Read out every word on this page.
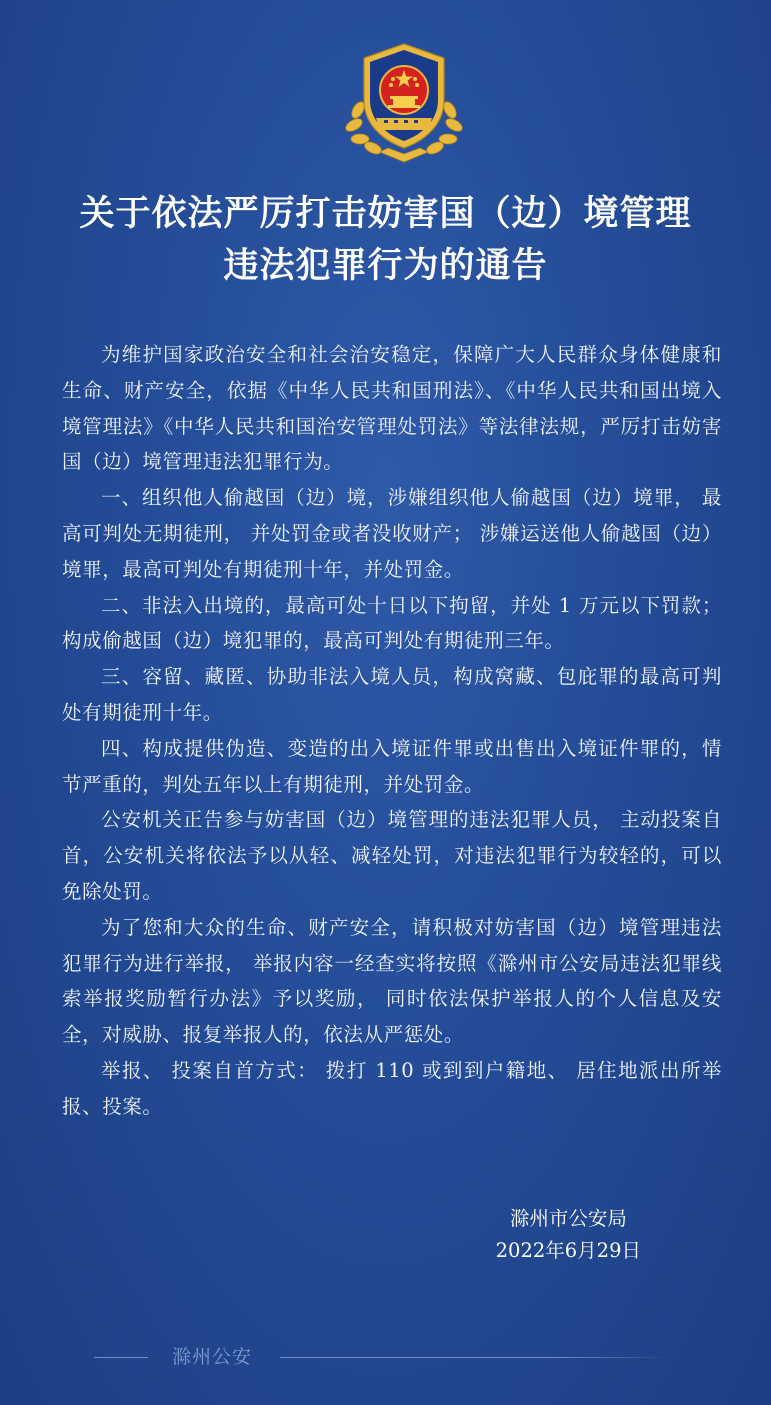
关于依法严厉打击妨害国（边）境管理
违法犯罪行为的通告

为维护国家政治安全和社会治安稳定，保障广大人民群众身体健康和生命、财产安全，依据《中华人民共和国刑法》、《中华人民共和国出境入境管理法》《中华人民共和国治安管理处罚法》等法律法规，严厉打击妨害国（边）境管理违法犯罪行为。

一、组织他人偷越国（边）境，涉嫌组织他人偷越国（边）境罪， 最高可判处无期徒刑， 并处罚金或者没收财产； 涉嫌运送他人偷越国（边）境罪，最高可判处有期徒刑十年，并处罚金。

二、非法入出境的，最高可处十日以下拘留，并处 1 万元以下罚款； 构成偷越国（边）境犯罪的，最高可判处有期徒刑三年。

三、容留、藏匿、协助非法入境人员，构成窝藏、包庇罪的最高可判处有期徒刑十年。

四、构成提供伪造、变造的出入境证件罪或出售出入境证件罪的，情节严重的，判处五年以上有期徒刑，并处罚金。

公安机关正告参与妨害国（边）境管理的违法犯罪人员， 主动投案自首，公安机关将依法予以从轻、减轻处罚，对违法犯罪行为较轻的，可以免除处罚。

为了您和大众的生命、财产安全，请积极对妨害国（边）境管理违法犯罪行为进行举报， 举报内容一经查实将按照《滁州市公安局违法犯罪线索举报奖励暂行办法》予以奖励， 同时依法保护举报人的个人信息及安全，对威胁、报复举报人的，依法从严惩处。

举报、 投案自首方式： 拨打 110 或到到户籍地、 居住地派出所举报、投案。

滁州市公安局
2022年6月29日
滁州公安
